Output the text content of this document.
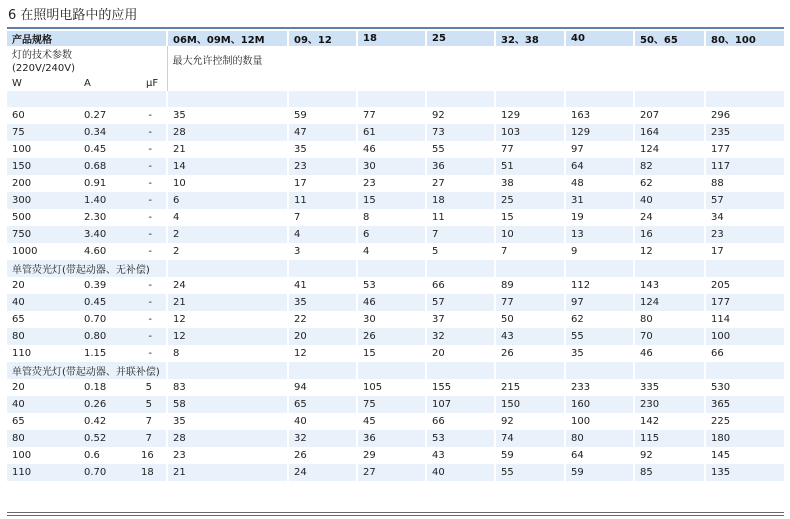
6 在照明电路中的应用
产品规格			06M、09M、12M	09、12	18	25	32、38	40	50、65	80、100
灯的技术参数			最大允许控制的数量							
(220V/240V)										
W	A	μF								

60	0.27	-	35	59	77	92	129	163	207	296
75	0.34	-	28	47	61	73	103	129	164	235
100	0.45	-	21	35	46	55	77	97	124	177
150	0.68	-	14	23	30	36	51	64	82	117
200	0.91	-	10	17	23	27	38	48	62	88
300	1.40	-	6	11	15	18	25	31	40	57
500	2.30	-	4	7	8	11	15	19	24	34
750	3.40	-	2	4	6	7	10	13	16	23
1000	4.60	-	2	3	4	5	7	9	12	17
单管荧光灯(带起动器、无补偿)										
20	0.39	-	24	41	53	66	89	112	143	205
40	0.45	-	21	35	46	57	77	97	124	177
65	0.70	-	12	22	30	37	50	62	80	114
80	0.80	-	12	20	26	32	43	55	70	100
110	1.15	-	8	12	15	20	26	35	46	66
单管荧光灯(带起动器、并联补偿)										
20	0.18	5	83	94	105	155	215	233	335	530
40	0.26	5	58	65	75	107	150	160	230	365
65	0.42	7	35	40	45	66	92	100	142	225
80	0.52	7	28	32	36	53	74	80	115	180
100	0.6	16	23	26	29	43	59	64	92	145
110	0.70	18	21	24	27	40	55	59	85	135
